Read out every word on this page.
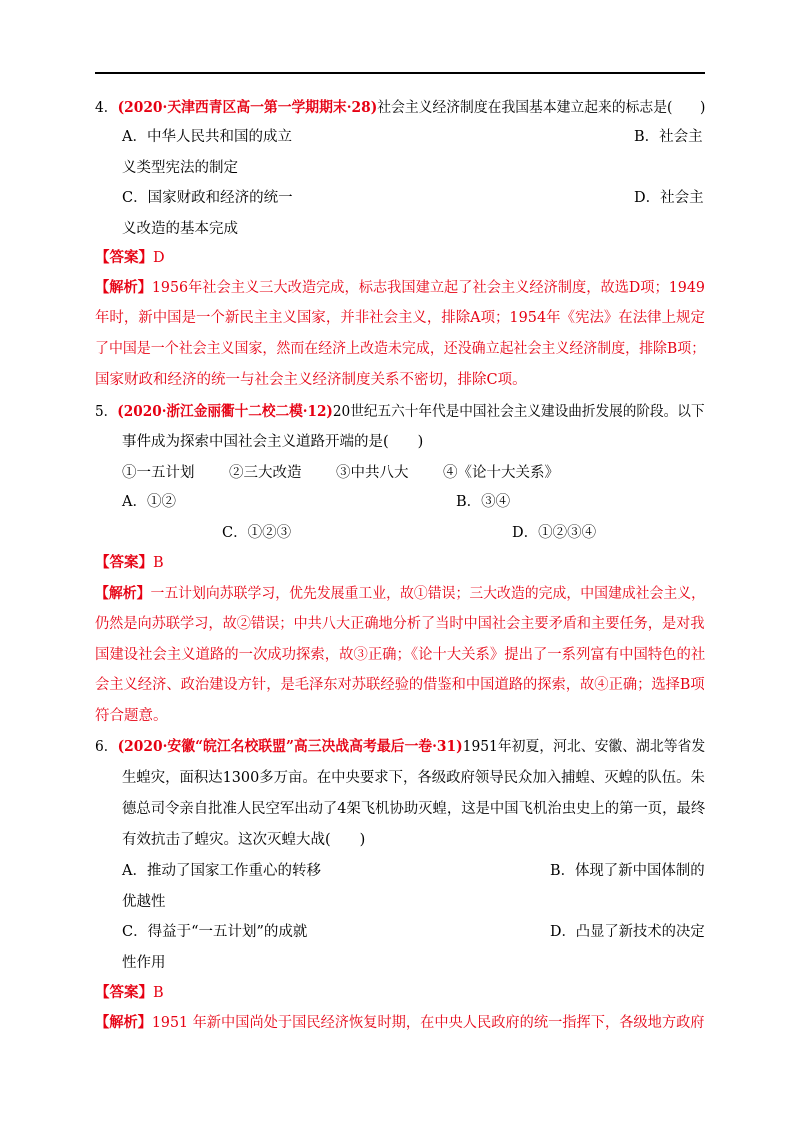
4．(2020·天津西青区高一第一学期期末·28)社会主义经济制度在我国基本建立起来的标志是(　　)
A．中华人民共和国的成立	B．社会主
义类型宪法的制定
C．国家财政和经济的统一	D．社会主
义改造的基本完成
【答案】D
【解析】1956年社会主义三大改造完成，标志我国建立起了社会主义经济制度，故选D项；1949
年时，新中国是一个新民主主义国家，并非社会主义，排除A项；1954年《宪法》在法律上规定
了中国是一个社会主义国家，然而在经济上改造未完成，还没确立起社会主义经济制度，排除B项；
国家财政和经济的统一与社会主义经济制度关系不密切，排除C项。
5．(2020·浙江金丽衢十二校二模·12)20世纪五六十年代是中国社会主义建设曲折发展的阶段。以下
事件成为探索中国社会主义道路开端的是(　　)
①一五计划 ②三大改造 ③中共八大 ④《论十大关系》
A．①②	B．③④
C．①②③	D．①②③④
【答案】B
【解析】一五计划向苏联学习，优先发展重工业，故①错误；三大改造的完成，中国建成社会主义，
仍然是向苏联学习，故②错误；中共八大正确地分析了当时中国社会主要矛盾和主要任务，是对我
国建设社会主义道路的一次成功探索，故③正确；《论十大关系》提出了一系列富有中国特色的社
会主义经济、政治建设方针，是毛泽东对苏联经验的借鉴和中国道路的探索，故④正确；选择B项
符合题意。
6．(2020·安徽“皖江名校联盟”高三决战高考最后一卷·31)1951年初夏，河北、安徽、湖北等省发
生蝗灾，面积达1300多万亩。在中央要求下，各级政府领导民众加入捕蝗、灭蝗的队伍。朱
德总司令亲自批准人民空军出动了4架飞机协助灭蝗，这是中国飞机治虫史上的第一页，最终
有效抗击了蝗灾。这次灭蝗大战(　　)
A．推动了国家工作重心的转移	B．体现了新中国体制的
优越性
C．得益于“一五计划”的成就	D．凸显了新技术的决定
性作用
【答案】B
【解析】1951 年新中国尚处于国民经济恢复时期，在中央人民政府的统一指挥下，各级地方政府
